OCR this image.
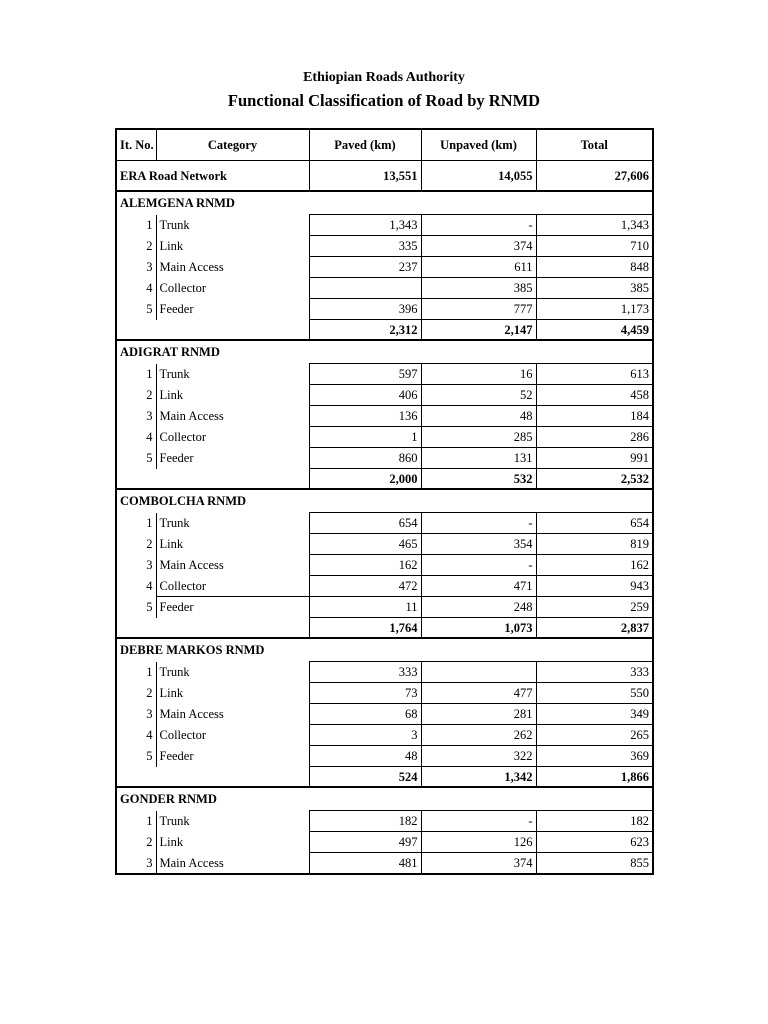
Ethiopian Roads Authority
Functional Classification of Road by RNMD
It. No.	Category	Paved (km)	Unpaved (km)	Total
ERA Road Network		13,551	14,055	27,606
ALEMGENA RNMD				
1	Trunk	1,343	-	1,343
2	Link	335	374	710
3	Main Access	237	611	848
4	Collector		385	385
5	Feeder	396	777	1,173
		2,312	2,147	4,459
ADIGRAT RNMD				
1	Trunk	597	16	613
2	Link	406	52	458
3	Main Access	136	48	184
4	Collector	1	285	286
5	Feeder	860	131	991
		2,000	532	2,532
COMBOLCHA RNMD				
1	Trunk	654	-	654
2	Link	465	354	819
3	Main Access	162	-	162
4	Collector	472	471	943
5	Feeder	11	248	259
		1,764	1,073	2,837
DEBRE MARKOS RNMD				
1	Trunk	333		333
2	Link	73	477	550
3	Main Access	68	281	349
4	Collector	3	262	265
5	Feeder	48	322	369
		524	1,342	1,866
GONDER RNMD				
1	Trunk	182	-	182
2	Link	497	126	623
3	Main Access	481	374	855
